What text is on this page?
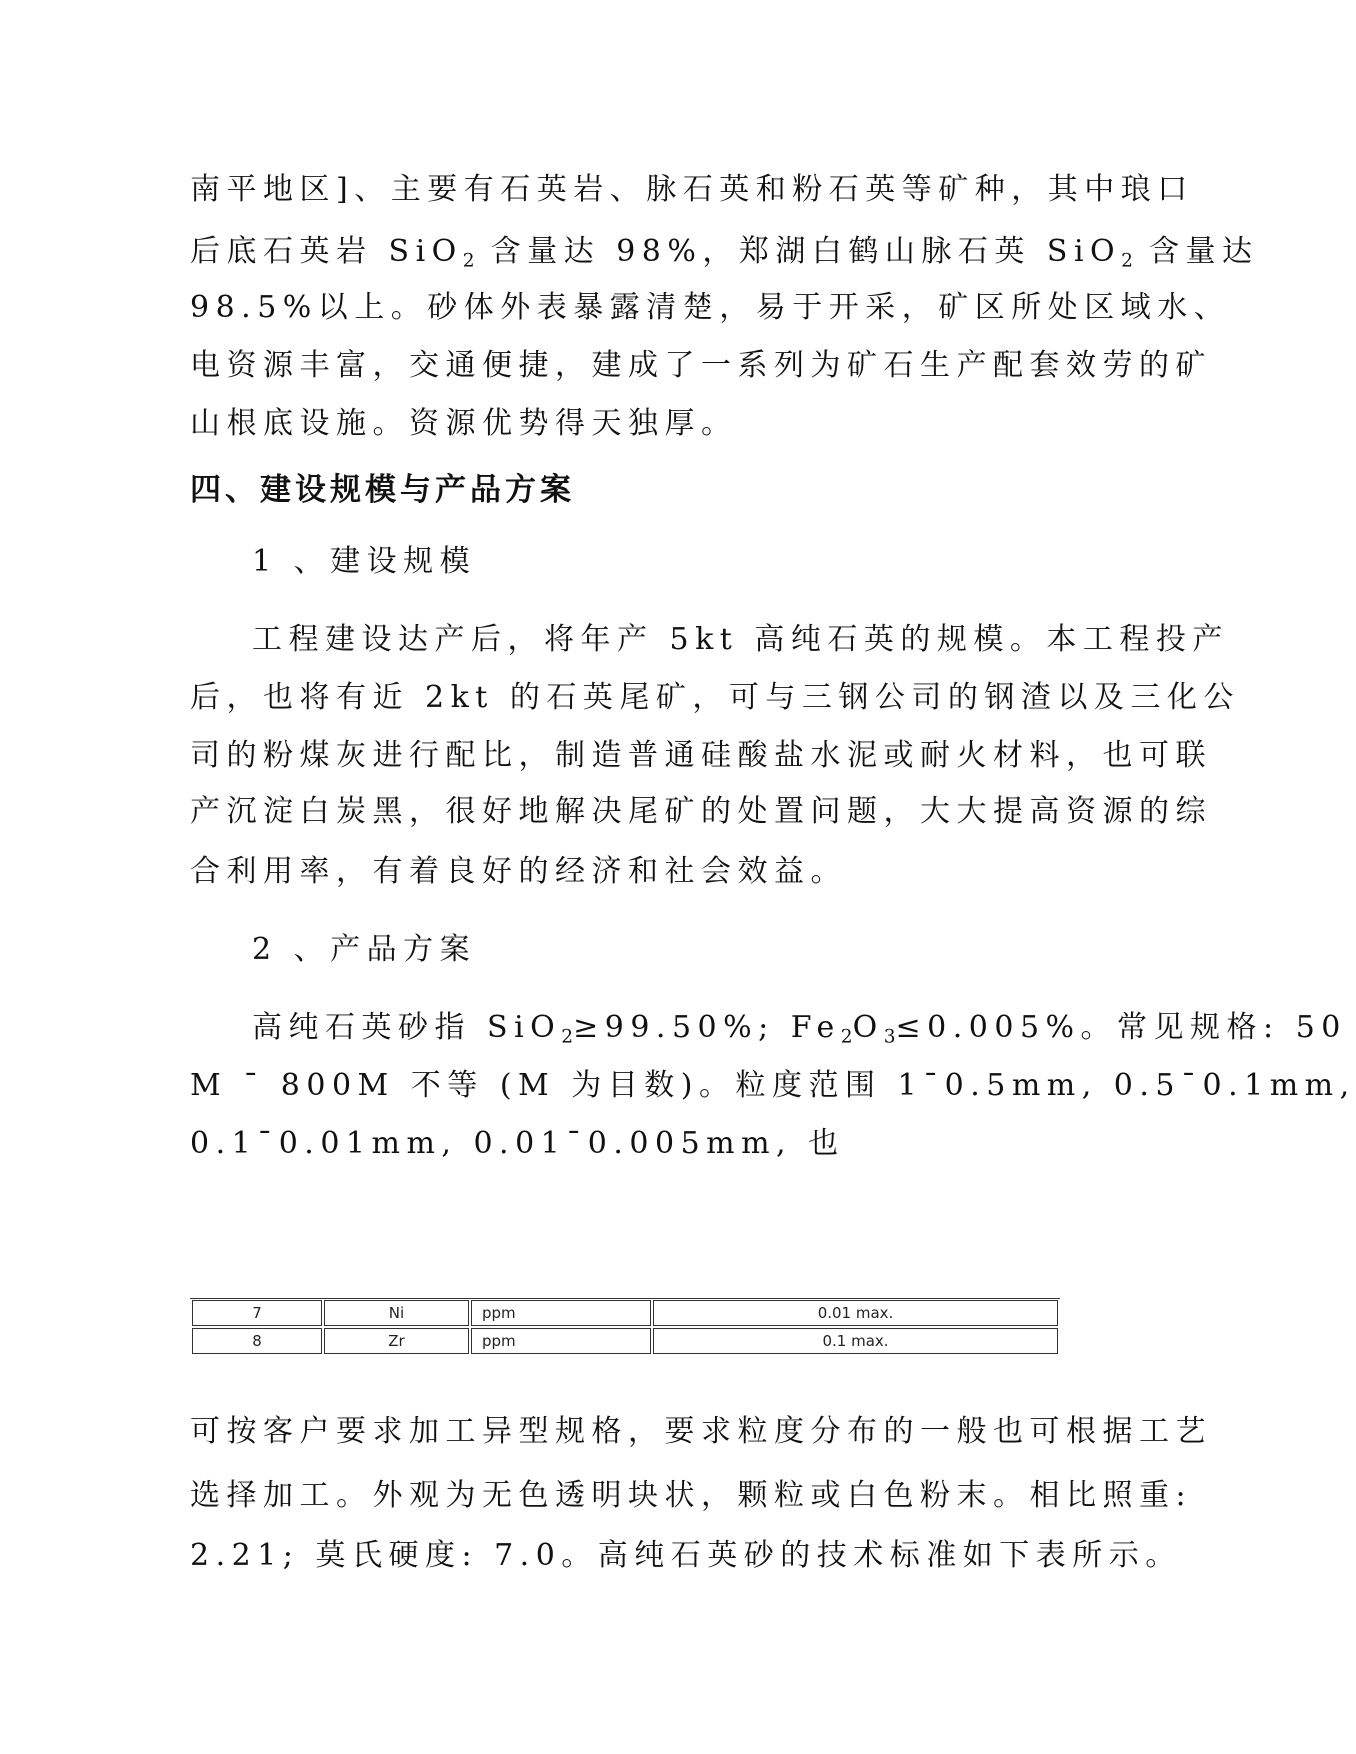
南平地区]、主要有石英岩、脉石英和粉石英等矿种，其中琅口
后底石英岩 SiO$_2$ 含量达 98%，郑湖白鹤山脉石英 SiO$_2$ 含量达
98.5%以上。砂体外表暴露清楚，易于开采，矿区所处区域水、
电资源丰富，交通便捷，建成了一系列为矿石生产配套效劳的矿
山根底设施。资源优势得天独厚。
四、建设规模与产品方案
1 、建设规模
工程建设达产后，将年产 5kt 高纯石英的规模。本工程投产
后，也将有近 2kt 的石英尾矿，可与三钢公司的钢渣以及三化公
司的粉煤灰进行配比，制造普通硅酸盐水泥或耐火材料，也可联
产沉淀白炭黑，很好地解决尾矿的处置问题，大大提高资源的综
合利用率，有着良好的经济和社会效益。
2 、产品方案
高纯石英砂指 SiO$_2$≥99.50%; $Fe_2O_3\le 0.005\%$。常见规格: 50
M ¯ 800M 不等 (M 为目数)。粒度范围 1¯0.5mm, 0.5¯0.1mm,
0.1¯0.01mm, 0.01¯0.005mm, 也
7	Ni	ppm	0.01 max.
8	Zr	ppm	0.1 max.
可按客户要求加工异型规格，要求粒度分布的一般也可根据工艺
选择加工。外观为无色透明块状，颗粒或白色粉末。相比照重:
2.21; 莫氏硬度: 7.0。高纯石英砂的技术标准如下表所示。
